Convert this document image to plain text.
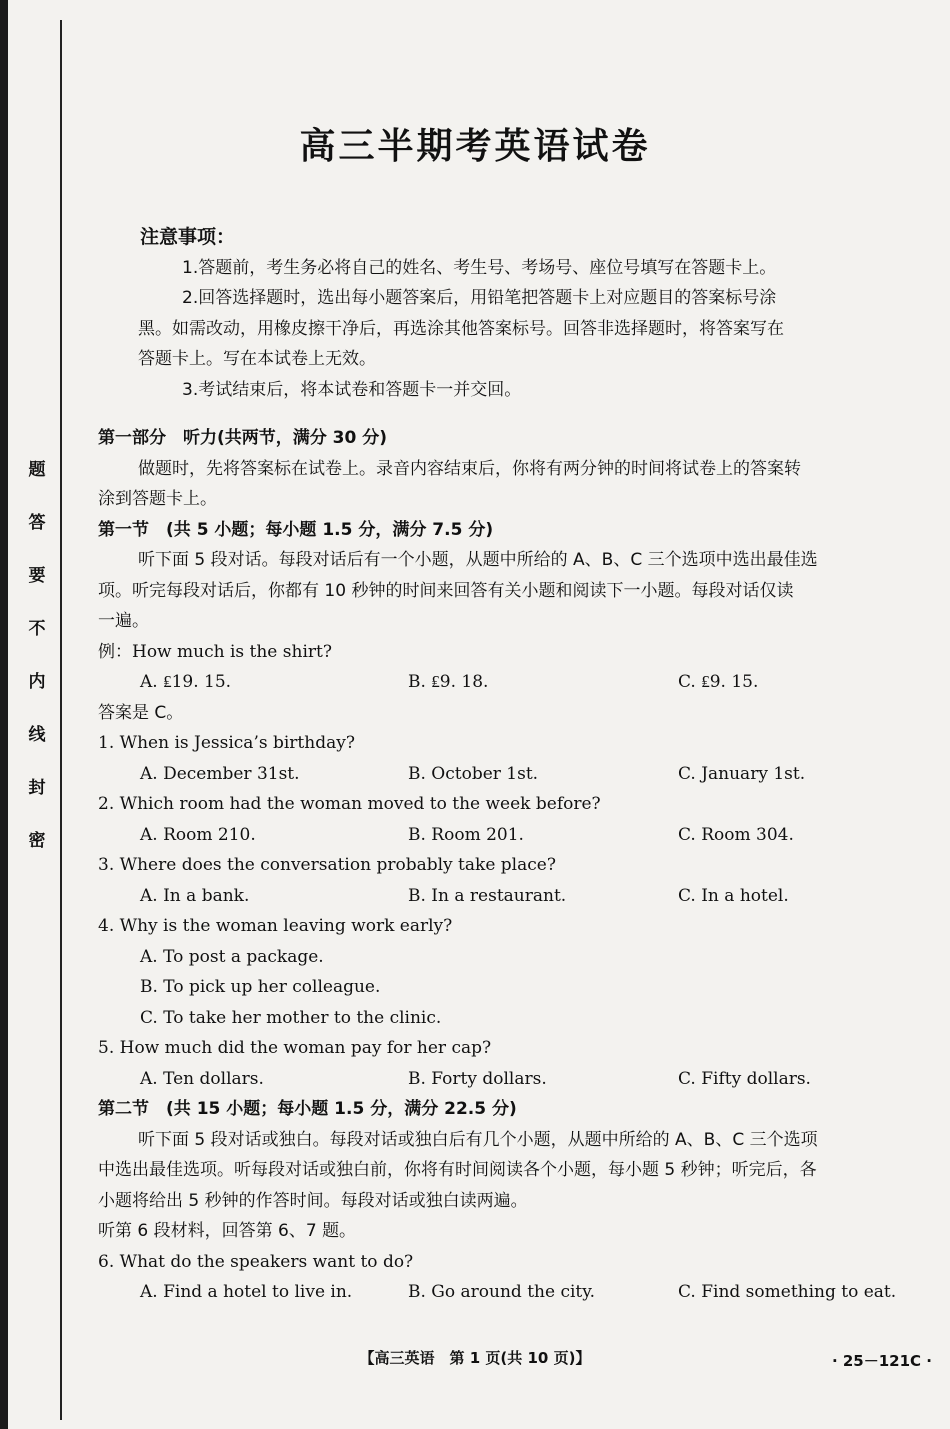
题
答
要
不
内
线
封
密
高三半期考英语试卷
注意事项：
1.答题前，考生务必将自己的姓名、考生号、考场号、座位号填写在答题卡上。
2.回答选择题时，选出每小题答案后，用铅笔把答题卡上对应题目的答案标号涂
黑。如需改动，用橡皮擦干净后，再选涂其他答案标号。回答非选择题时，将答案写在
答题卡上。写在本试卷上无效。
3.考试结束后，将本试卷和答题卡一并交回。
第一部分　听力(共两节，满分 30 分)
做题时，先将答案标在试卷上。录音内容结束后，你将有两分钟的时间将试卷上的答案转
涂到答题卡上。
第一节　(共 5 小题；每小题 1.5 分，满分 7.5 分)
听下面 5 段对话。每段对话后有一个小题，从题中所给的 A、B、C 三个选项中选出最佳选
项。听完每段对话后，你都有 10 秒钟的时间来回答有关小题和阅读下一小题。每段对话仅读
一遍。
例：How much is the shirt?
A. ₤19. 15.	B. ₤9. 18.	C. ₤9. 15.
答案是 C。
1. When is Jessica’s birthday?
A. December 31st.	B. October 1st.	C. January 1st.
2. Which room had the woman moved to the week before?
A. Room 210.	B. Room 201.	C. Room 304.
3. Where does the conversation probably take place?
A. In a bank.	B. In a restaurant.	C. In a hotel.
4. Why is the woman leaving work early?
A. To post a package.
B. To pick up her colleague.
C. To take her mother to the clinic.
5. How much did the woman pay for her cap?
A. Ten dollars.	B. Forty dollars.	C. Fifty dollars.
第二节　(共 15 小题；每小题 1.5 分，满分 22.5 分)
听下面 5 段对话或独白。每段对话或独白后有几个小题，从题中所给的 A、B、C 三个选项
中选出最佳选项。听每段对话或独白前，你将有时间阅读各个小题，每小题 5 秒钟；听完后，各
小题将给出 5 秒钟的作答时间。每段对话或独白读两遍。
听第 6 段材料，回答第 6、7 题。
6. What do the speakers want to do?
A. Find a hotel to live in.	B. Go around the city.	C. Find something to eat.
【高三英语　第 1 页(共 10 页)】	· 25－121C ·
